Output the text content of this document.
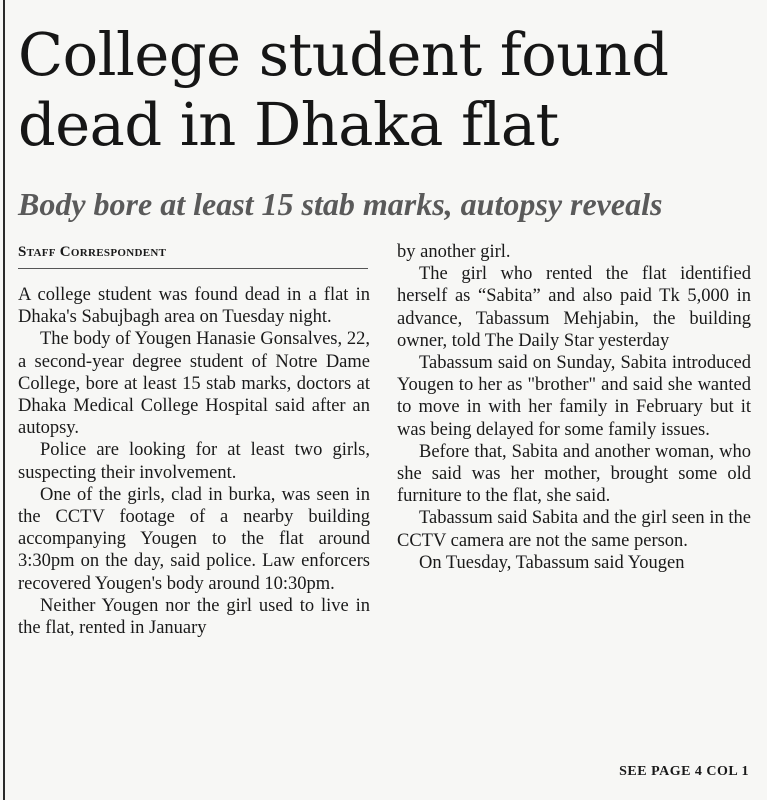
College student found dead in Dhaka flat
Body bore at least 15 stab marks, autopsy reveals
Staff Correspondent

A college student was found dead in a flat in Dhaka's Sabujbagh area on Tuesday night.

The body of Yougen Hanasie Gonsalves, 22, a second-year degree student of Notre Dame College, bore at least 15 stab marks, doctors at Dhaka Medical College Hospital said after an autopsy.

Police are looking for at least two girls, suspecting their involvement.

One of the girls, clad in burka, was seen in the CCTV footage of a nearby building accompanying Yougen to the flat around 3:30pm on the day, said police. Law enforcers recovered Yougen's body around 10:30pm.

Neither Yougen nor the girl used to live in the flat, rented in January

by another girl.

The girl who rented the flat identified herself as “Sabita” and also paid Tk 5,000 in advance, Tabassum Mehjabin, the building owner, told The Daily Star yesterday

Tabassum said on Sunday, Sabita introduced Yougen to her as "brother" and said she wanted to move in with her family in February but it was being delayed for some family issues.

Before that, Sabita and another woman, who she said was her mother, brought some old furniture to the flat, she said.

Tabassum said Sabita and the girl seen in the CCTV camera are not the same person.

On Tuesday, Tabassum said Yougen

SEE PAGE 4 COL 1
